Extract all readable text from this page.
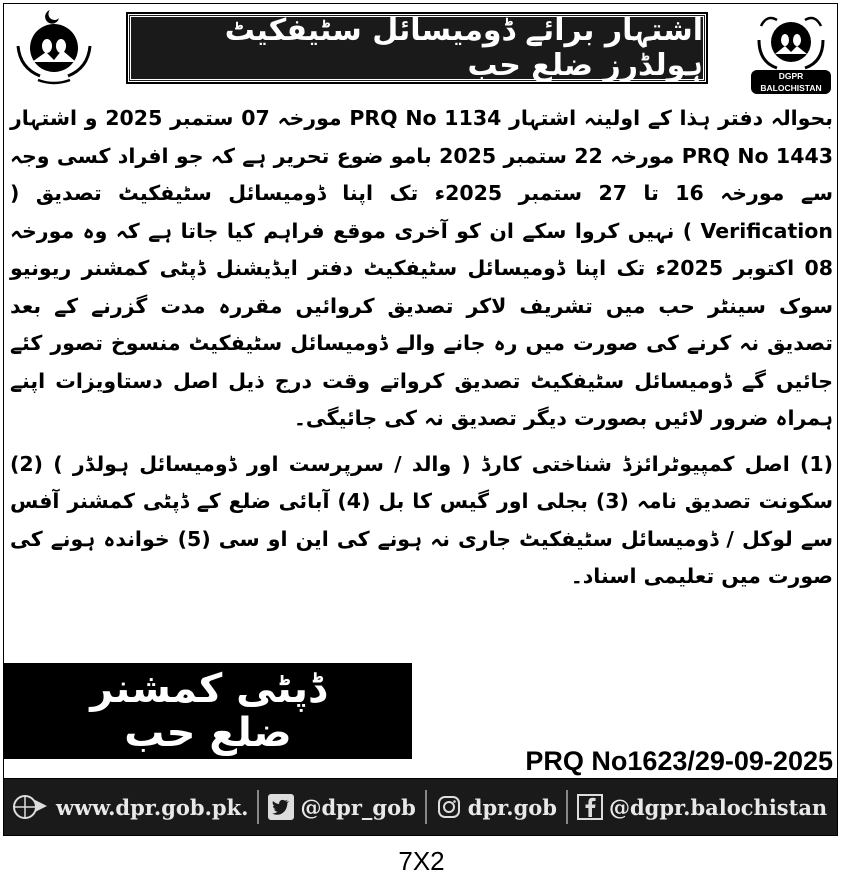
اشتہار برائے ڈومیسائل سٹیفکیٹ ہولڈرز ضلع حب	DGPR BALOCHISTAN

بحوالہ دفتر ہذا کے اولینہ اشتہار PRQ No 1134 مورخہ 07 ستمبر 2025 و اشتہار PRQ No 1443 مورخہ 22 ستمبر 2025 بامو ضوع تحریر ہے کہ جو افراد کسی وجہ سے مورخہ 16 تا 27 ستمبر 2025ء تک اپنا ڈومیسائل سٹیفکیٹ تصدیق ( Verification ) نہیں کروا سکے ان کو آخری موقع فراہم کیا جاتا ہے کہ وہ مورخہ 08 اکتوبر 2025ء تک اپنا ڈومیسائل سٹیفکیٹ دفتر ایڈیشنل ڈپٹی کمشنر ریونیو سوک سینٹر حب میں تشریف لاکر تصدیق کروائیں مقررہ مدت گزرنے کے بعد تصدیق نہ کرنے کی صورت میں رہ جانے والے ڈومیسائل سٹیفکیٹ منسوخ تصور کئے جائیں گے ڈومیسائل سٹیفکیٹ تصدیق کرواتے وقت درج ذیل اصل دستاویزات اپنے ہمراہ ضرور لائیں بصورت دیگر تصدیق نہ کی جائیگی۔

(1) اصل کمپیوٹرائزڈ شناختی کارڈ ( والد / سرپرست اور ڈومیسائل ہولڈر ) (2) سکونت تصدیق نامہ (3) بجلی اور گیس کا بل (4) آبائی ضلع کے ڈپٹی کمشنر آفس سے لوکل / ڈومیسائل سٹیفکیٹ جاری نہ ہونے کی این او سی (5) خواندہ ہونے کی صورت میں تعلیمی اسناد۔

ڈپٹی کمشنر
ضلع حب
PRQ No1623/29-09-2025
www.dpr.gob.pk. @dpr_gob dpr.gob @dgpr.balochistan
7X2
